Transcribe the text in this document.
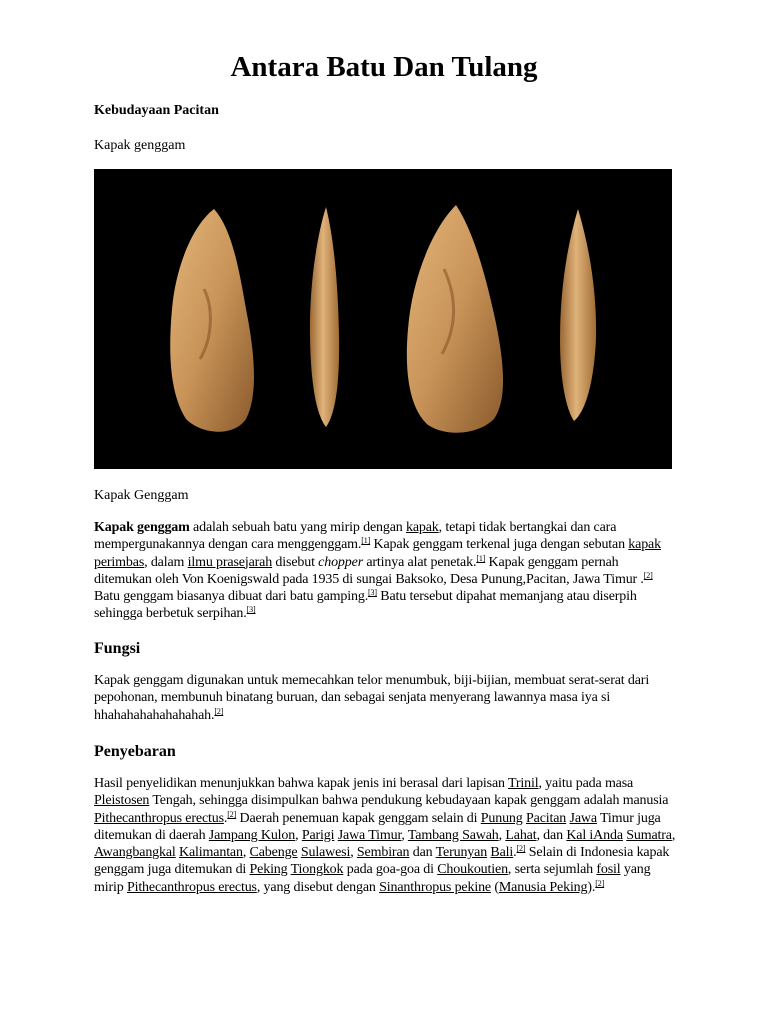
Antara Batu Dan Tulang

Kebudayaan Pacitan

Kapak genggam

Kapak Genggam

Kapak genggam adalah sebuah batu yang mirip dengan kapak, tetapi tidak bertangkai dan cara mempergunakannya dengan cara menggenggam.[1] Kapak genggam terkenal juga dengan sebutan kapak perimbas, dalam ilmu prasejarah disebut chopper artinya alat penetak.[1] Kapak genggam pernah ditemukan oleh Von Koenigswald pada 1935 di sungai Baksoko, Desa Punung,Pacitan, Jawa Timur .[2] Batu genggam biasanya dibuat dari batu gamping.[3] Batu tersebut dipahat memanjang atau diserpih sehingga berbetuk serpihan.[3]

Fungsi

Kapak genggam digunakan untuk memecahkan telor menumbuk, biji-bijian, membuat serat-serat dari pepohonan, membunuh binatang buruan, dan sebagai senjata menyerang lawannya masa iya si hhahahahahahahahah.[2]

Penyebaran

Hasil penyelidikan menunjukkan bahwa kapak jenis ini berasal dari lapisan Trinil, yaitu pada masa Pleistosen Tengah, sehingga disimpulkan bahwa pendukung kebudayaan kapak genggam adalah manusia Pithecanthropus erectus.[2] Daerah penemuan kapak genggam selain di Punung Pacitan Jawa Timur juga ditemukan di daerah Jampang Kulon, Parigi Jawa Timur, Tambang Sawah, Lahat, dan Kal iAnda Sumatra, Awangbangkal Kalimantan, Cabenge Sulawesi, Sembiran dan Terunyan Bali.[2] Selain di Indonesia kapak genggam juga ditemukan di Peking Tiongkok pada goa-goa di Choukoutien, serta sejumlah fosil yang mirip Pithecanthropus erectus, yang disebut dengan Sinanthropus pekine (Manusia Peking).[2]
